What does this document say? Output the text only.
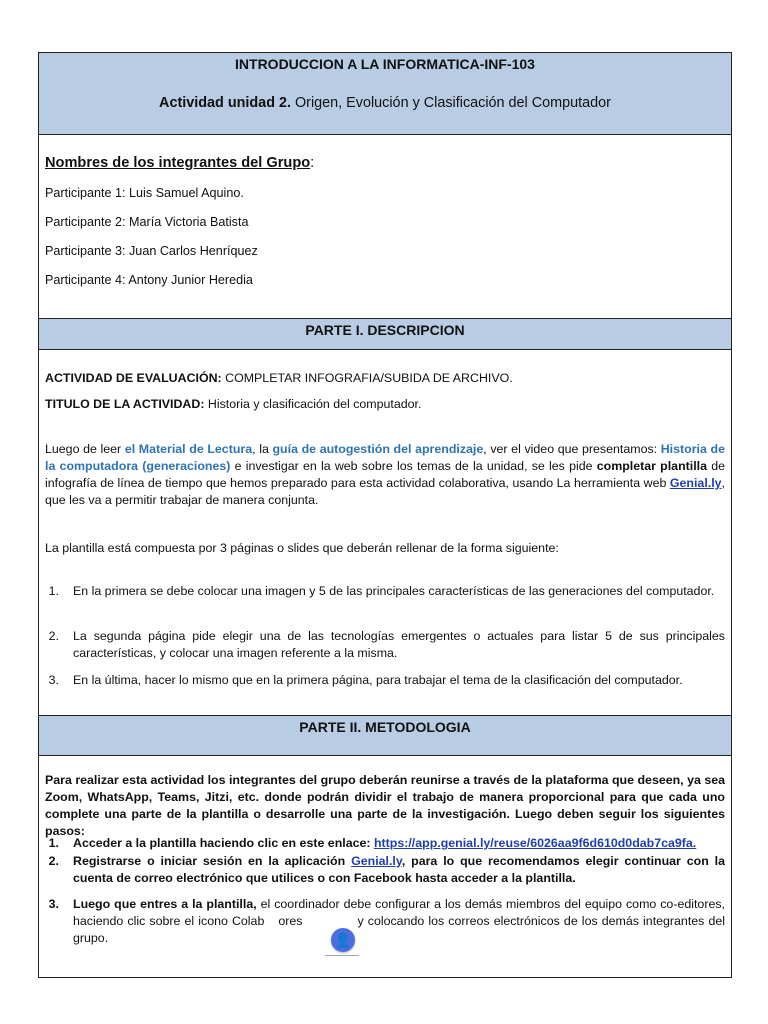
INTRODUCCION A LA INFORMATICA-INF-103
Actividad unidad 2. Origen, Evolución y Clasificación del Computador
Nombres de los integrantes del Grupo:
Participante 1: Luis Samuel Aquino.
Participante 2: María Victoria Batista
Participante 3: Juan Carlos Henríquez
Participante 4: Antony Junior Heredia
PARTE I. DESCRIPCION
ACTIVIDAD DE EVALUACIÓN: COMPLETAR INFOGRAFIA/SUBIDA DE ARCHIVO.
TITULO DE LA ACTIVIDAD: Historia y clasificación del computador.
Luego de leer el Material de Lectura, la guía de autogestión del aprendizaje, ver el video que presentamos: Historia de la computadora (generaciones) e investigar en la web sobre los temas de la unidad, se les pide completar plantilla de infografía de línea de tiempo que hemos preparado para esta actividad colaborativa, usando La herramienta web Genial.ly, que les va a permitir trabajar de manera conjunta.
La plantilla está compuesta por 3 páginas o slides que deberán rellenar de la forma siguiente:
1. En la primera se debe colocar una imagen y 5 de las principales características de las generaciones del computador.
2. La segunda página pide elegir una de las tecnologías emergentes o actuales para listar 5 de sus principales características, y colocar una imagen referente a la misma.
3. En la última, hacer lo mismo que en la primera página, para trabajar el tema de la clasificación del computador.
PARTE II. METODOLOGIA
Para realizar esta actividad los integrantes del grupo deberán reunirse a través de la plataforma que deseen, ya sea Zoom, WhatsApp, Teams, Jitzi, etc. donde podrán dividir el trabajo de manera proporcional para que cada uno complete una parte de la plantilla o desarrolle una parte de la investigación. Luego deben seguir los siguientes pasos:
1. Acceder a la plantilla haciendo clic en este enlace: https://app.genial.ly/reuse/6026aa9f6d610d0dab7ca9fa.
2. Registrarse o iniciar sesión en la aplicación Genial.ly, para lo que recomendamos elegir continuar con la cuenta de correo electrónico que utilices o con Facebook hasta acceder a la plantilla.
3. Luego que entres a la plantilla, el coordinador debe configurar a los demás miembros del equipo como co-editores, haciendo clic sobre el icono Colab ores	y colocando los correos electrónicos de los demás integrantes del grupo.	👤
